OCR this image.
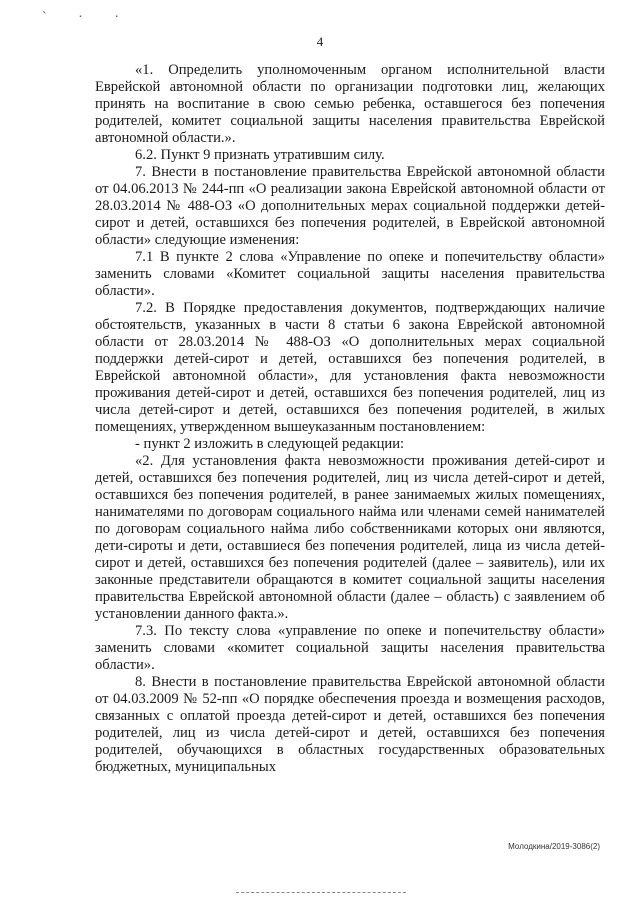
` · ·
4

«1. Определить уполномоченным органом исполнительной власти Еврейской автономной области по организации подготовки лиц, желающих принять на воспитание в свою семью ребенка, оставшегося без попечения родителей, комитет социальной защиты населения правительства Еврейской автономной области.».

6.2. Пункт 9 признать утратившим силу.

7. Внести в постановление правительства Еврейской автономной области от 04.06.2013 № 244-пп «О реализации закона Еврейской автономной области от 28.03.2014 № 488-ОЗ «О дополнительных мерах социальной поддержки детей-сирот и детей, оставшихся без попечения родителей, в Еврейской автономной области» следующие изменения:

7.1 В пункте 2 слова «Управление по опеке и попечительству области» заменить словами «Комитет социальной защиты населения правительства области».

7.2. В Порядке предоставления документов, подтверждающих наличие обстоятельств, указанных в части 8 статьи 6 закона Еврейской автономной области от 28.03.2014 № 488-ОЗ «О дополнительных мерах социальной поддержки детей-сирот и детей, оставшихся без попечения родителей, в Еврейской автономной области», для установления факта невозможности проживания детей-сирот и детей, оставшихся без попечения родителей, лиц из числа детей-сирот и детей, оставшихся без попечения родителей, в жилых помещениях, утвержденном вышеуказанным постановлением:

- пункт 2 изложить в следующей редакции:

«2. Для установления факта невозможности проживания детей-сирот и детей, оставшихся без попечения родителей, лиц из числа детей-сирот и детей, оставшихся без попечения родителей, в ранее занимаемых жилых помещениях, нанимателями по договорам социального найма или членами семей нанимателей по договорам социального найма либо собственниками которых они являются, дети-сироты и дети, оставшиеся без попечения родителей, лица из числа детей-сирот и детей, оставшихся без попечения родителей (далее – заявитель), или их законные представители обращаются в комитет социальной защиты населения правительства Еврейской автономной области (далее – область) с заявлением об установлении данного факта.».

7.3. По тексту слова «управление по опеке и попечительству области» заменить словами «комитет социальной защиты населения правительства области».

8. Внести в постановление правительства Еврейской автономной области от 04.03.2009 № 52-пп «О порядке обеспечения проезда и возмещения расходов, связанных с оплатой проезда детей-сирот и детей, оставшихся без попечения родителей, лиц из числа детей-сирот и детей, оставшихся без попечения родителей, обучающихся в областных государственных образовательных бюджетных, муниципальных

Молодкина/2019-3086(2)
